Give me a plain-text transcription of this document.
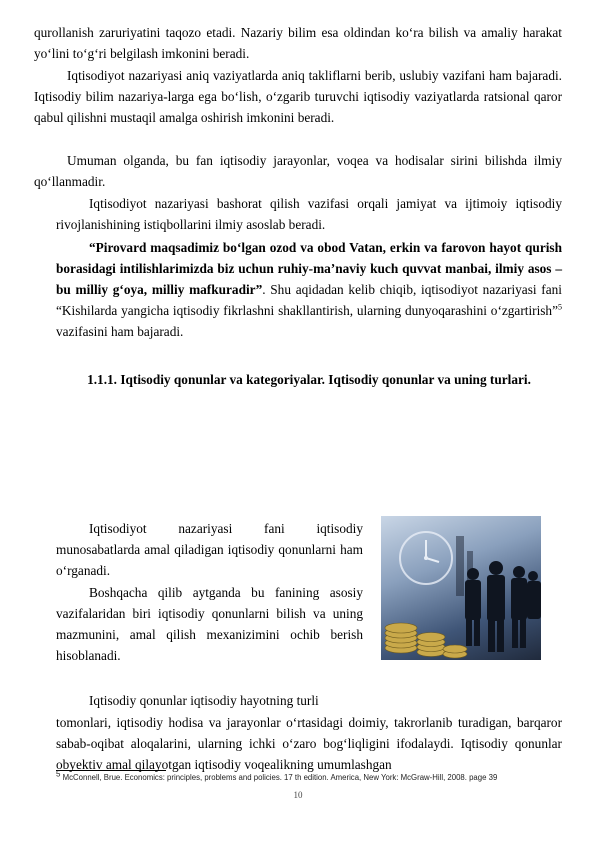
qurollanish zaruriyatini taqozo etadi. Nazariy bilim esa oldindan ko‘ra bilish va amaliy harakat yo‘lini to‘g‘ri belgilash imkonini beradi.
Iqtisodiyot nazariyasi aniq vaziyatlarda aniq takliflarni berib, uslubiy vazifani ham bajaradi. Iqtisodiy bilim nazariya-larga ega bo‘lish, o‘zgarib turuvchi iqtisodiy vaziyatlarda ratsional qaror qabul qilishni mustaqil amalga oshirish imkonini beradi.
Umuman olganda, bu fan iqtisodiy jarayonlar, voqea va hodisalar sirini bilishda ilmiy qo‘llanmadir.
Iqtisodiyot nazariyasi bashorat qilish vazifasi orqali jamiyat va ijtimoiy iqtisodiy rivojlanishining istiqbollarini ilmiy asoslab beradi.
“Pirovard maqsadimiz bo‘lgan ozod va obod Vatan, erkin va farovon hayot qurish borasidagi intilishlarimizda biz uchun ruhiy-ma’naviy kuch quvvat manbai, ilmiy asos – bu milliy g‘oya, milliy mafkuradir”. Shu aqidadan kelib chiqib, iqtisodiyot nazariyasi fani “Kishilarda yangicha iqtisodiy fikrlashni shakllantirish, ularning dunyoqarashini o‘zgartirish”$^5$ vazifasini ham bajaradi.
1.1.1. Iqtisodiy qonunlar va kategoriyalar. Iqtisodiy qonunlar va uning turlari.
Iqtisodiyot nazariyasi fani iqtisodiy munosabatlarda amal qiladigan iqtisodiy qonunlarni ham o‘rganadi.
Boshqacha qilib aytganda bu fanining asosiy vazifalaridan biri iqtisodiy qonunlarni bilish va uning mazmunini, amal qilish mexanizimini ochib berish hisoblanadi.
Iqtisodiy qonunlar iqtisodiy hayotning turli
tomonlari, iqtisodiy hodisa va jarayonlar o‘rtasidagi doimiy, takrorlanib turadigan, barqaror sabab-oqibat aloqalarini, ularning ichki o‘zaro bog‘liqligini ifodalaydi. Iqtisodiy qonunlar obyektiv amal qilayotgan iqtisodiy voqealikning umumlashgan
$^5$ McConnell, Brue. Economics: principles, problems and policies. 17 th edition. America, New York: McGraw-Hill, 2008. page 39
10
